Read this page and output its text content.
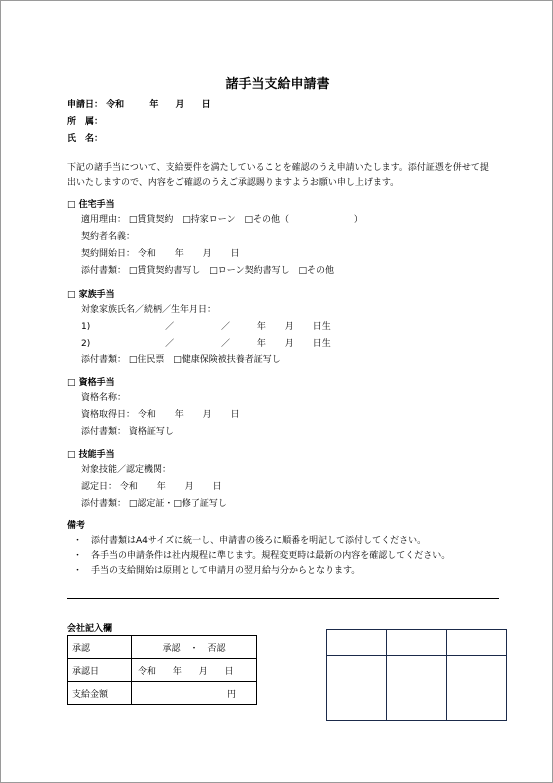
諸手当支給申請書
申請日： 令和	年 月 日
所　属：
氏　名：
下記の諸手当について、支給要件を満たしていることを確認のうえ申請いたします。添付証憑を併せて提出いたしますので、内容をご確認のうえご承認賜りますようお願い申し上げます。
□ 住宅手当
適用理由： □賃貸契約 □持家ローン □その他（	）
契約者名義：
契約開始日： 令和 年 月 日
添付書類： □賃貸契約書写し □ローン契約書写し □その他
□ 家族手当
対象家族氏名／続柄／生年月日：
1)	／	／	年 月 日生
2)	／	／	年 月 日生
添付書類： □住民票 □健康保険被扶養者証写し
□ 資格手当
資格名称：
資格取得日： 令和 年 月 日
添付書類： 資格証写し
□ 技能手当
対象技能／認定機関：
認定日： 令和 年 月 日
添付書類： □認定証・□修了証写し
備考
・　添付書類はA4サイズに統一し、申請書の後ろに順番を明記して添付してください。
・　各手当の申請条件は社内規程に準じます。規程変更時は最新の内容を確認してください。
・　手当の支給開始は原則として申請月の翌月給与分からとなります。
会社記入欄
承認	承認　・　否認
承認日	令和 年 月 日
支給金額	円
